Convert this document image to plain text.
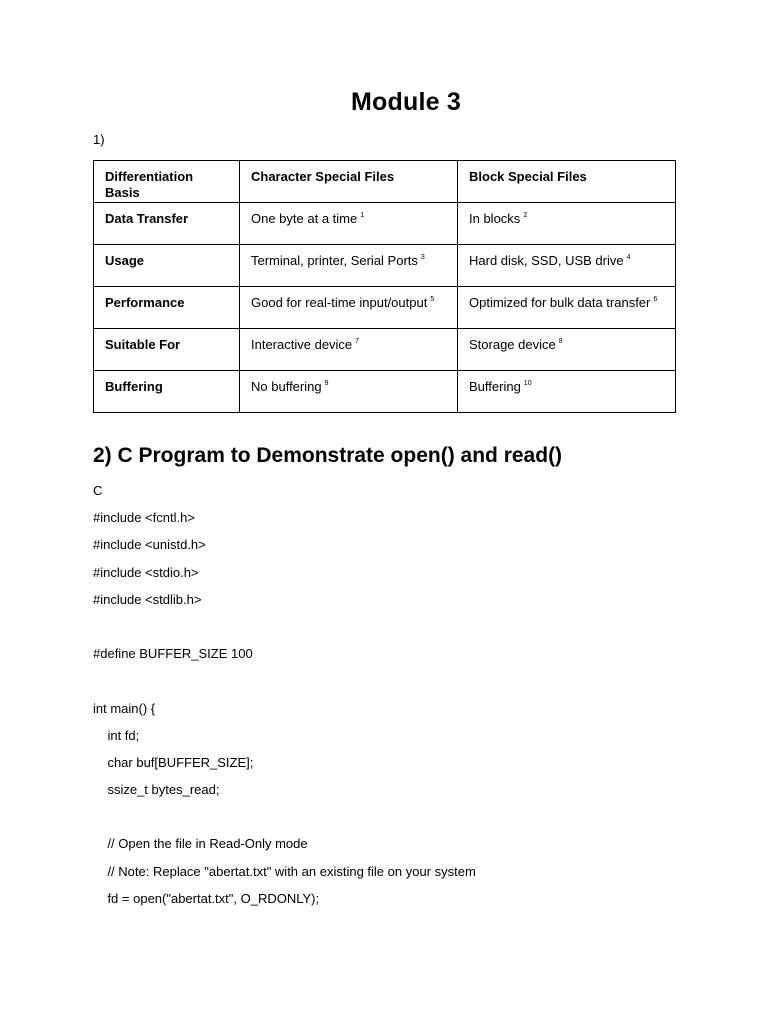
Module 3
1)
Differentiation Basis	Character Special Files	Block Special Files
Data Transfer	One byte at a time $^1$	In blocks $^2$
Usage	Terminal, printer, Serial Ports $^3$	Hard disk, SSD, USB drive $^4$
Performance	Good for real-time input/output $^5$	Optimized for bulk data transfer $^6$
Suitable For	Interactive device $^7$	Storage device $^8$
Buffering	No buffering $^9$	Buffering $^{10}$
2) C Program to Demonstrate open() and read()
C
#include <fcntl.h>
#include <unistd.h>
#include <stdio.h>
#include <stdlib.h>
#define BUFFER_SIZE 100
int main() {
int fd;
char buf[BUFFER_SIZE];
ssize_t bytes_read;
// Open the file in Read-Only mode
// Note: Replace "abertat.txt" with an existing file on your system
fd = open("abertat.txt", O_RDONLY);
